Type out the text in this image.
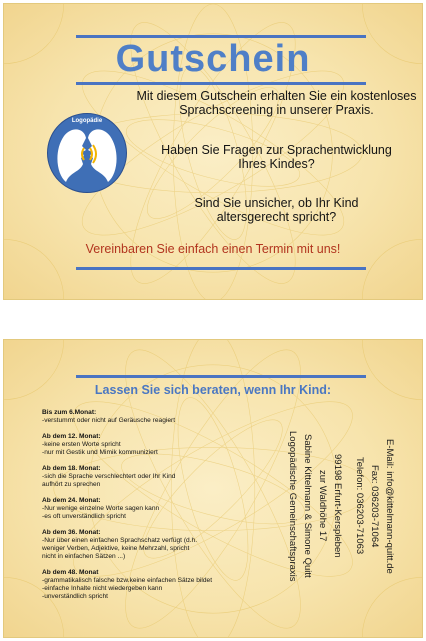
Gutschein
Logopädie
Mit diesem Gutschein erhalten Sie ein kostenloses
Sprachscreening in unserer Praxis.
Haben Sie Fragen zur Sprachentwicklung
Ihres Kindes?
Sind Sie unsicher, ob Ihr Kind
altersgerecht spricht?
Vereinbaren Sie einfach einen Termin mit uns!
Lassen Sie sich beraten, wenn Ihr Kind:
Bis zum 6.Monat:
-verstummt oder nicht auf Geräusche reagiert
Ab dem 12. Monat:
-keine ersten Worte spricht
-nur mit Gestik und Mimik kommuniziert
Ab dem 18. Monat:
-sich die Sprache verschlechtert oder Ihr Kind
aufhört zu sprechen
Ab dem 24. Monat:
-Nur wenige einzelne Worte sagen kann
-es oft unverständlich spricht
Ab dem 36. Monat:
-Nur über einen einfachen Sprachschatz verfügt (d.h.
weniger Verben, Adjektive, keine Mehrzahl, spricht
nicht in einfachen Sätzen ...)
Ab dem 48. Monat
-grammatikalisch falsche bzw.keine einfachen Sätze bildet
-einfache Inhalte nicht wiedergeben kann
-unverständlich spricht
Logopädische Gemeinschaftspraxis Sabine Kittelmann & Simone Quitt zur Waldhöhe 17 99198 Erfurt-Kerspleben	Telefon: 036203-71063 Fax: 036203-71064 E-Mail: info@kittelmann-quitt.de
